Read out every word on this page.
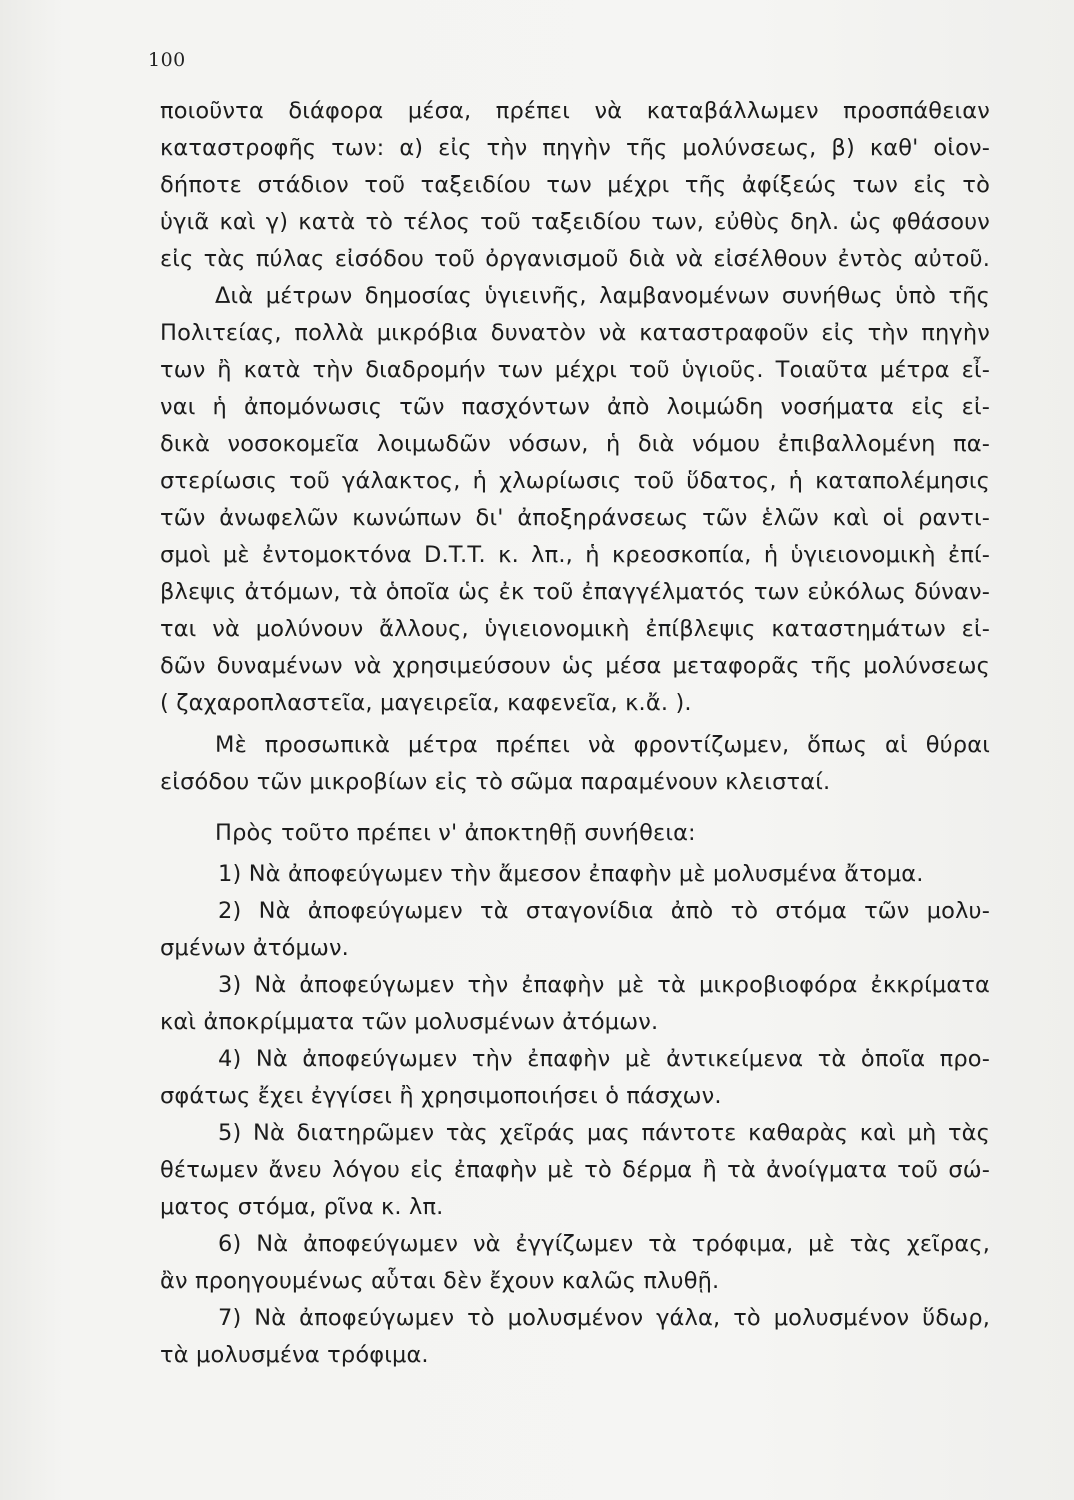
100
ποιοῦντα διάφορα μέσα, πρέπει νὰ καταβάλλωμεν προσπάθειαν
καταστροφῆς των: α) εἰς τὴν πηγὴν τῆς μολύνσεως, β) καθ' οἱον-
δήποτε στάδιον τοῦ ταξειδίου των μέχρι τῆς ἀφίξεώς των εἰς τὸ
ὑγιᾶ καὶ γ) κατὰ τὸ τέλος τοῦ ταξειδίου των, εὐθὺς δηλ. ὡς φθάσουν
εἰς τὰς πύλας εἰσόδου τοῦ ὀργανισμοῦ διὰ νὰ εἰσέλθουν ἐντὸς αὐτοῦ.
Διὰ μέτρων δημοσίας ὑγιεινῆς, λαμβανομένων συνήθως ὑπὸ τῆς
Πολιτείας, πολλὰ μικρόβια δυνατὸν νὰ καταστραφοῦν εἰς τὴν πηγὴν
των ἢ κατὰ τὴν διαδρομήν των μέχρι τοῦ ὑγιοῦς. Τοιαῦτα μέτρα εἶ-
ναι ἡ ἀπομόνωσις τῶν πασχόντων ἀπὸ λοιμώδη νοσήματα εἰς εἰ-
δικὰ νοσοκομεῖα λοιμωδῶν νόσων, ἡ διὰ νόμου ἐπιβαλλομένη πα-
στερίωσις τοῦ γάλακτος, ἡ χλωρίωσις τοῦ ὕδατος, ἡ καταπολέμησις
τῶν ἀνωφελῶν κωνώπων δι' ἀποξηράνσεως τῶν ἑλῶν καὶ οἱ ραντι-
σμοὶ μὲ ἐντομοκτόνα D.T.T. κ. λπ., ἡ κρεοσκοπία, ἡ ὑγιειονομικὴ ἐπί-
βλεψις ἀτόμων, τὰ ὁποῖα ὡς ἐκ τοῦ ἐπαγγέλματός των εὐκόλως δύναν-
ται νὰ μολύνουν ἄλλους, ὑγιειονομικὴ ἐπίβλεψις καταστημάτων εἰ-
δῶν δυναμένων νὰ χρησιμεύσουν ὡς μέσα μεταφορᾶς τῆς μολύνσεως
( ζαχαροπλαστεῖα, μαγειρεῖα, καφενεῖα, κ.ἄ. ).
Μὲ προσωπικὰ μέτρα πρέπει νὰ φροντίζωμεν, ὅπως αἱ θύραι
εἰσόδου τῶν μικροβίων εἰς τὸ σῶμα παραμένουν κλεισταί.
Πρὸς τοῦτο πρέπει ν' ἀποκτηθῇ συνήθεια:
1) Νὰ ἀποφεύγωμεν τὴν ἄμεσον ἐπαφὴν μὲ μολυσμένα ἄτομα.
2) Νὰ ἀποφεύγωμεν τὰ σταγονίδια ἀπὸ τὸ στόμα τῶν μολυ-
σμένων ἀτόμων.
3) Νὰ ἀποφεύγωμεν τὴν ἐπαφὴν μὲ τὰ μικροβιοφόρα ἐκκρίματα
καὶ ἀποκρίμματα τῶν μολυσμένων ἀτόμων.
4) Νὰ ἀποφεύγωμεν τὴν ἐπαφὴν μὲ ἀντικείμενα τὰ ὁποῖα προ-
σφάτως ἔχει ἐγγίσει ἢ χρησιμοποιήσει ὁ πάσχων.
5) Νὰ διατηρῶμεν τὰς χεῖράς μας πάντοτε καθαρὰς καὶ μὴ τὰς
θέτωμεν ἄνευ λόγου εἰς ἐπαφὴν μὲ τὸ δέρμα ἢ τὰ ἀνοίγματα τοῦ σώ-
ματος στόμα, ρῖνα κ. λπ.
6) Νὰ ἀποφεύγωμεν νὰ ἐγγίζωμεν τὰ τρόφιμα, μὲ τὰς χεῖρας,
ἂν προηγουμένως αὗται δὲν ἔχουν καλῶς πλυθῇ.
7) Νὰ ἀποφεύγωμεν τὸ μολυσμένον γάλα, τὸ μολυσμένον ὕδωρ,
τὰ μολυσμένα τρόφιμα.
